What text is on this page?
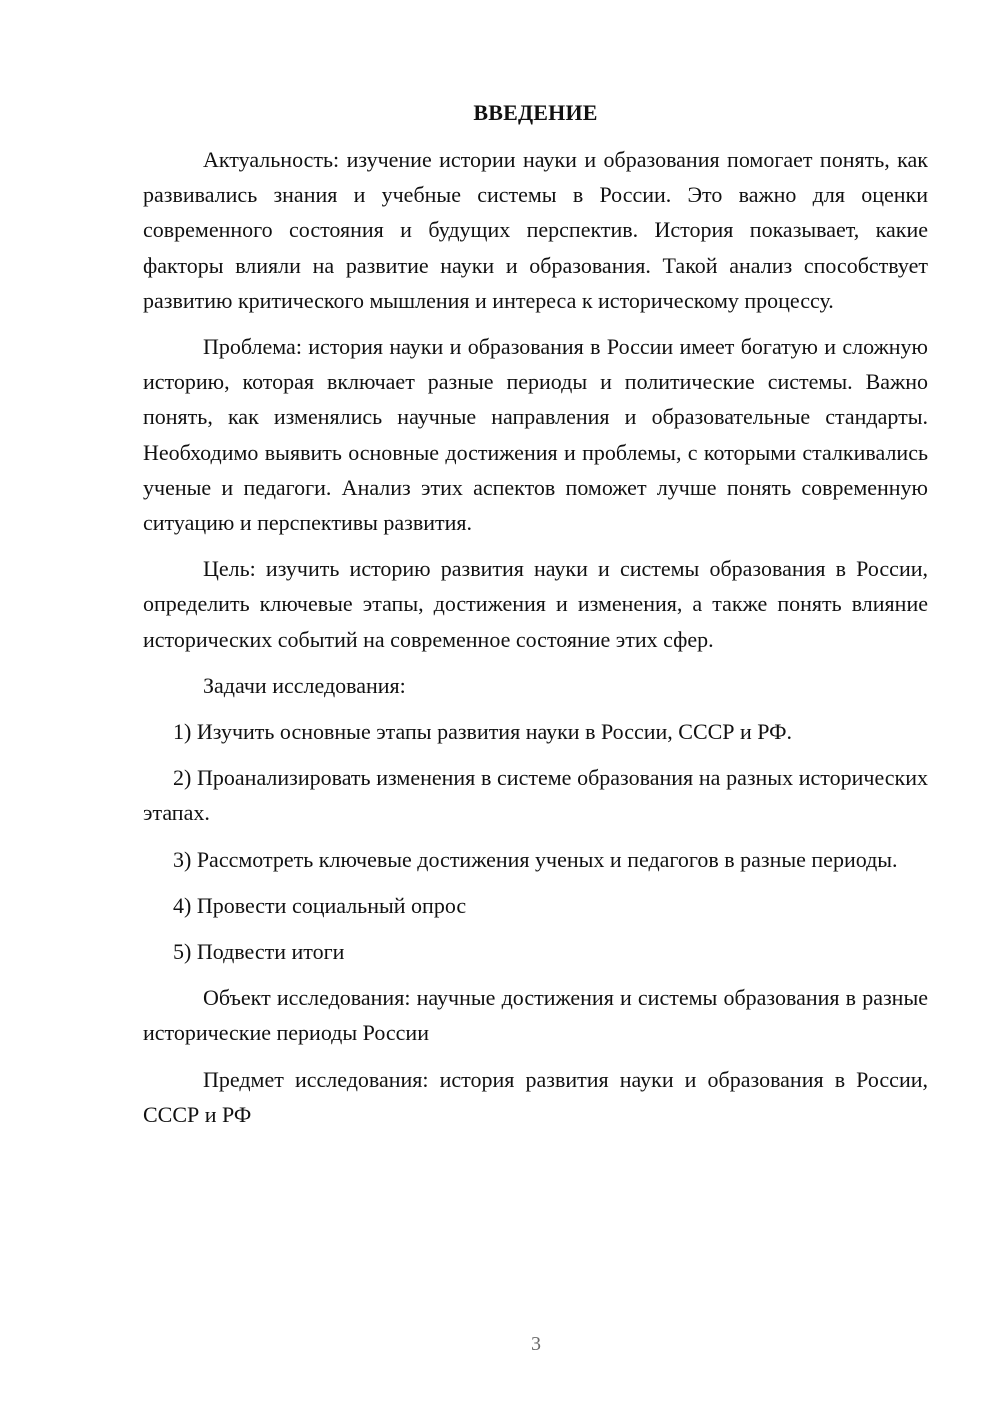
ВВЕДЕНИЕ

Актуальность: изучение истории науки и образования помогает понять, как развивались знания и учебные системы в России. Это важно для оценки современного состояния и будущих перспектив. История показывает, какие факторы влияли на развитие науки и образования. Такой анализ способствует развитию критического мышления и интереса к историческому процессу.

Проблема: история науки и образования в России имеет богатую и сложную историю, которая включает разные периоды и политические системы. Важно понять, как изменялись научные направления и образовательные стандарты. Необходимо выявить основные достижения и проблемы, с которыми сталкивались ученые и педагоги. Анализ этих аспектов поможет лучше понять современную ситуацию и перспективы развития.

Цель: изучить историю развития науки и системы образования в России, определить ключевые этапы, достижения и изменения, а также понять влияние исторических событий на современное состояние этих сфер.

Задачи исследования:

1) Изучить основные этапы развития науки в России, СССР и РФ.

2) Проанализировать изменения в системе образования на разных исторических этапах.

3) Рассмотреть ключевые достижения ученых и педагогов в разные периоды.

4) Провести социальный опрос

5) Подвести итоги

Объект исследования: научные достижения и системы образования в разные исторические периоды России

Предмет исследования: история развития науки и образования в России, СССР и РФ

3
